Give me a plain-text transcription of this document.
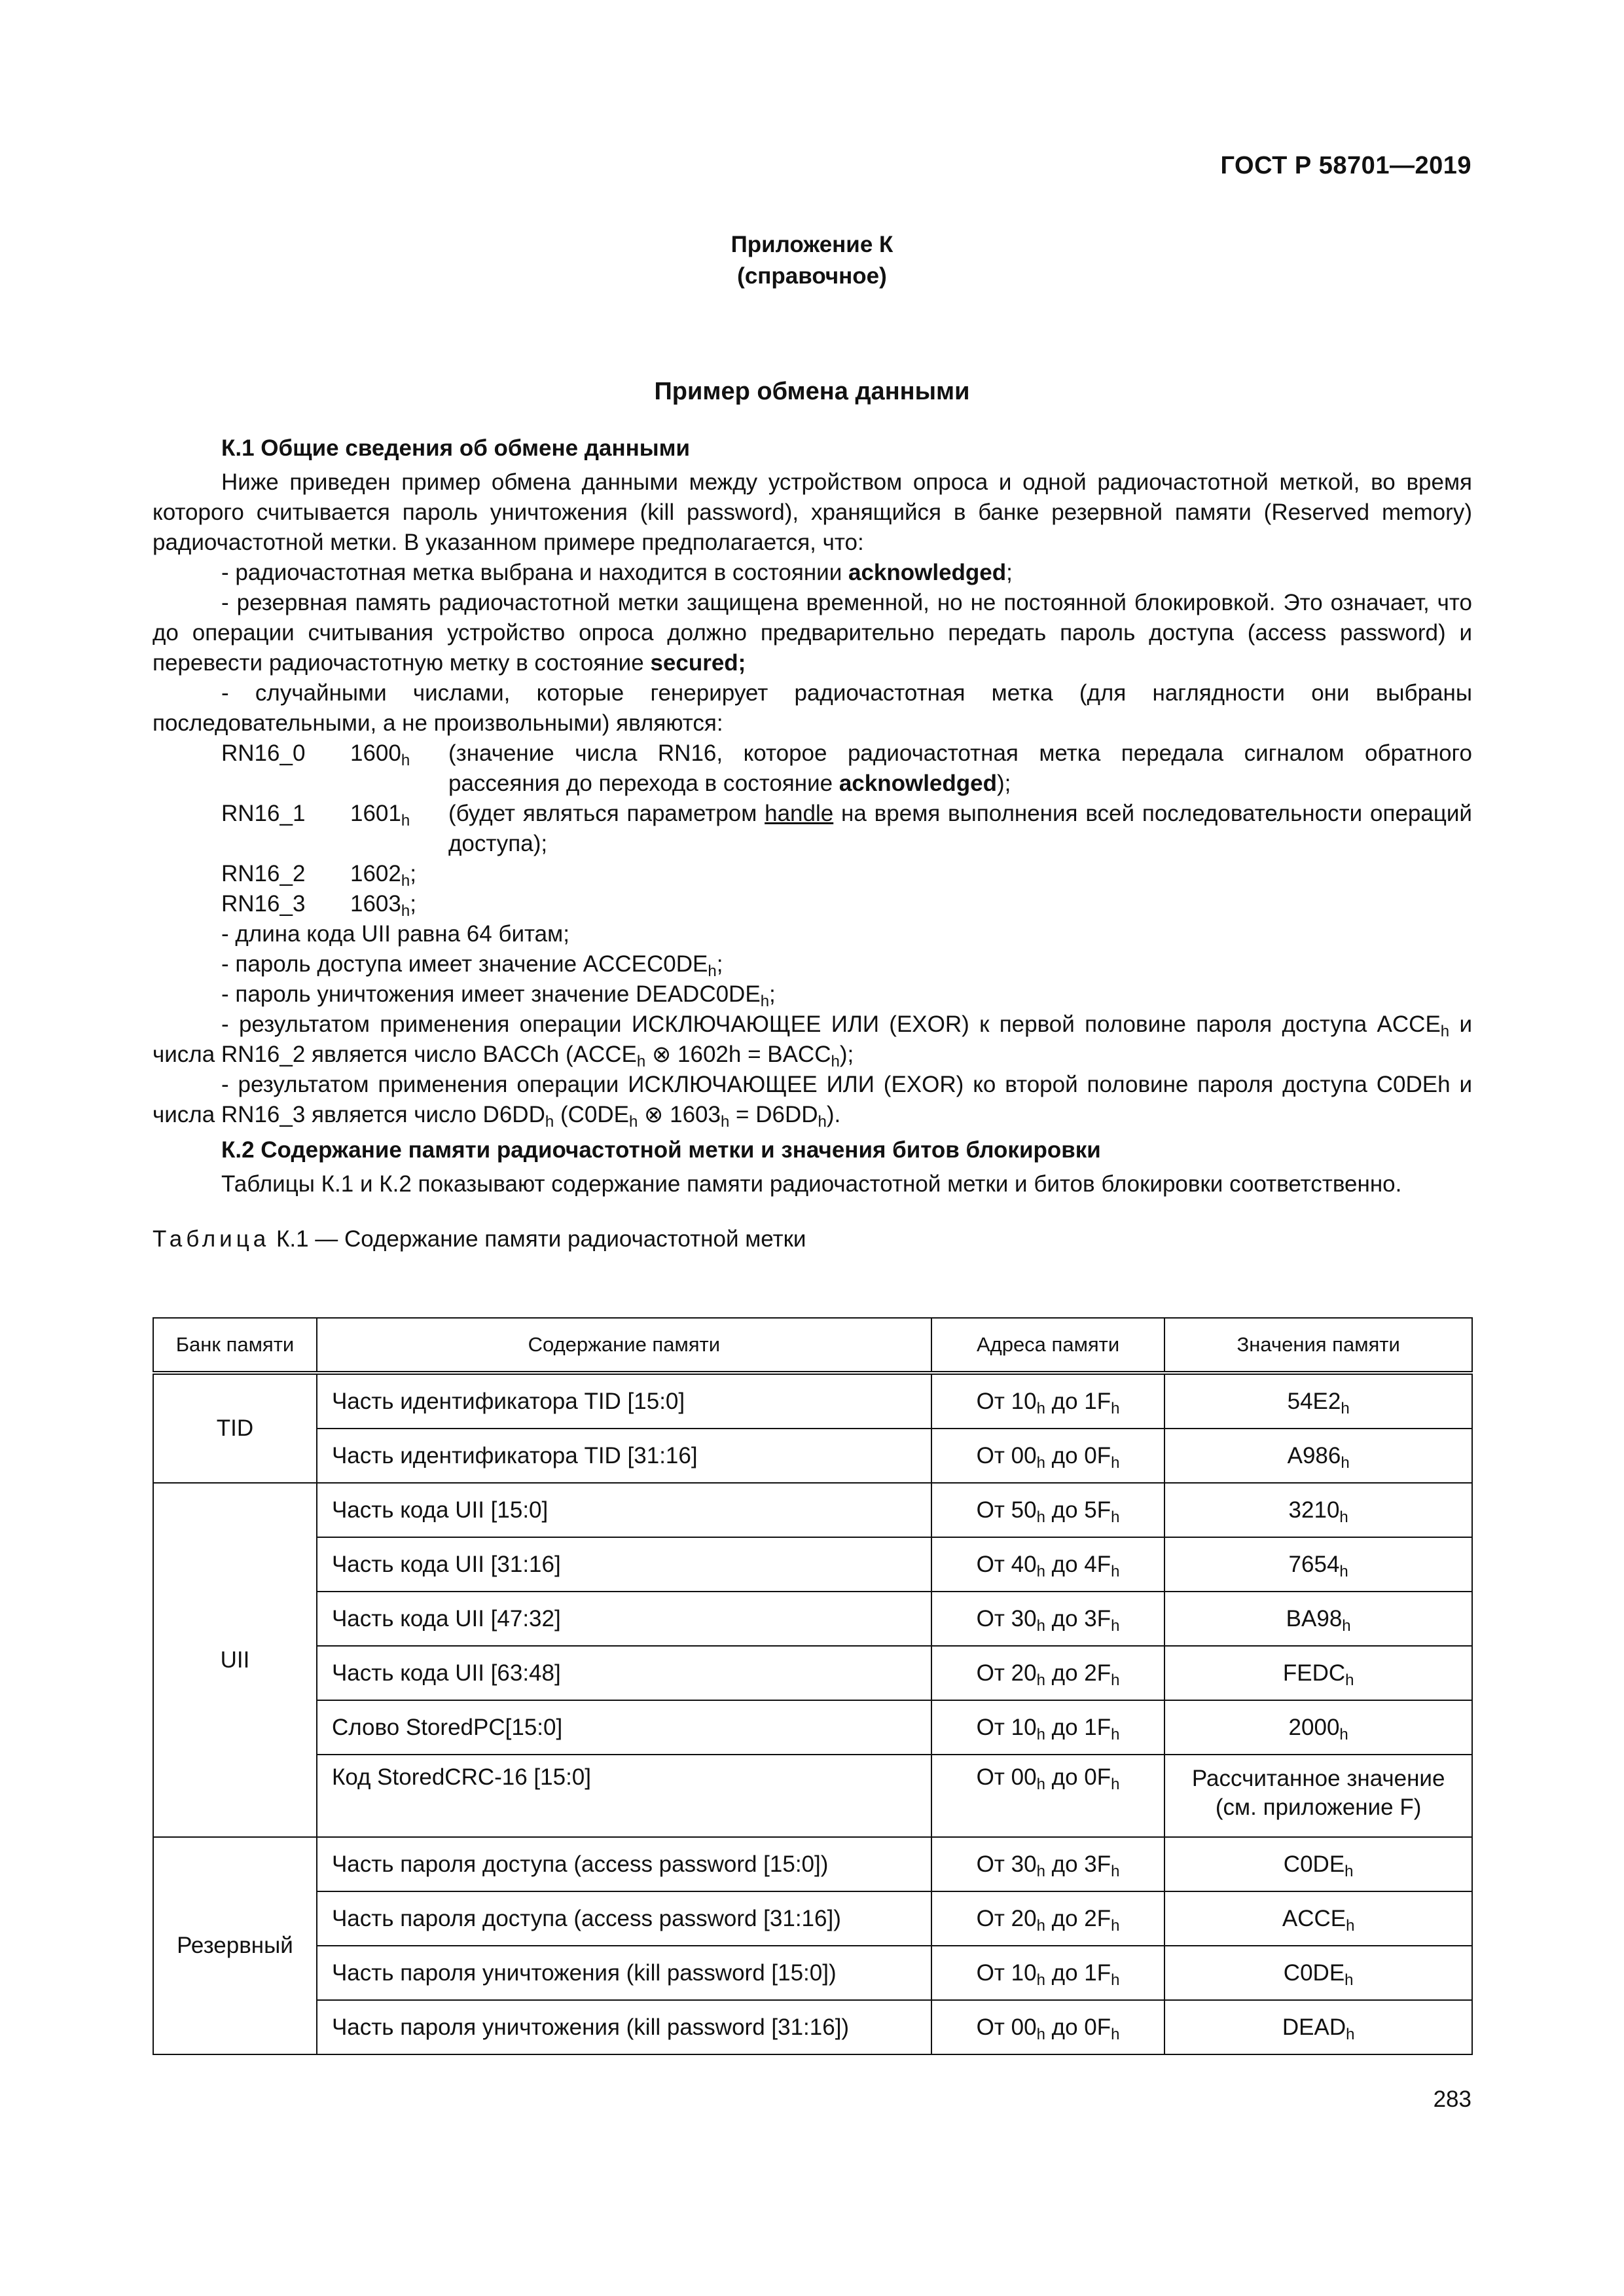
ГОСТ Р 58701—2019
Приложение К
(справочное)
Пример обмена данными
К.1 Общие сведения об обмене данными
Ниже приведен пример обмена данными между устройством опроса и одной радиочастотной меткой, во время которого считывается пароль уничтожения (kill password), хранящийся в банке резервной памяти (Reserved memory) радиочастотной метки. В указанном примере предполагается, что:
- радиочастотная метка выбрана и находится в состоянии acknowledged;
- резервная память радиочастотной метки защищена временной, но не постоянной блокировкой. Это означает, что до операции считывания устройство опроса должно предварительно передать пароль доступа (access password) и перевести радиочастотную метку в состояние secured;
- случайными числами, которые генерирует радиочастотная метка (для наглядности они выбраны последовательными, а не произвольными) являются:
RN16_0	$1600_h$	(значение числа RN16, которое радиочастотная метка передала сигналом обратного рассеяния до перехода в состояние acknowledged);
RN16_1	$1601_h$	(будет являться параметром handle на время выполнения всей последовательности операций доступа);
RN16_2	$1602_h$;
RN16_3	$1603_h$;
- длина кода UII равна 64 битам;
- пароль доступа имеет значение $ACCEC0DE_h$;
- пароль уничтожения имеет значение $DEADC0DE_h$;
- результатом применения операции ИСКЛЮЧАЮЩЕЕ ИЛИ (EXOR) к первой половине пароля доступа $ACCE_h$ и числа RN16_2 является число BACCh ($ACCE_h$ ⊗ $1602h = BACC_h$);
- результатом применения операции ИСКЛЮЧАЮЩЕЕ ИЛИ (EXOR) ко второй половине пароля доступа C0DEh и числа RN16_3 является число $D6DD_h$ ($C0DE_h$ ⊗ $1603_h = D6DD_h$).
К.2 Содержание памяти радиочастотной метки и значения битов блокировки
Таблицы К.1 и К.2 показывают содержание памяти радиочастотной метки и битов блокировки соответственно.
Таблица К.1 — Содержание памяти радиочастотной метки
Банк памяти	Содержание памяти	Адреса памяти	Значения памяти
TID	Часть идентификатора TID [15:0]	От $10_h$ до $1F_h$	$54E2_h$
	Часть идентификатора TID [31:16]	От $00_h$ до $0F_h$	$A986_h$
UII	Часть кода UII [15:0]	От $50_h$ до $5F_h$	$3210_h$
	Часть кода UII [31:16]	От $40_h$ до $4F_h$	$7654_h$
	Часть кода UII [47:32]	От $30_h$ до $3F_h$	$BA98_h$
	Часть кода UII [63:48]	От $20_h$ до $2F_h$	$FEDC_h$
	Слово StoredPC[15:0]	От $10_h$ до $1F_h$	$2000_h$
	Код StoredCRC-16 [15:0]	От $00_h$ до $0F_h$	Рассчитанное значение
(см. приложение F)

Резервный	Часть пароля доступа (access password [15:0])	От $30_h$ до $3F_h$	$C0DE_h$
	Часть пароля доступа (access password [31:16])	От $20_h$ до $2F_h$	$ACCE_h$
	Часть пароля уничтожения (kill password [15:0])	От $10_h$ до $1F_h$	$C0DE_h$
	Часть пароля уничтожения (kill password [31:16])	От $00_h$ до $0F_h$	$DEAD_h$
283
